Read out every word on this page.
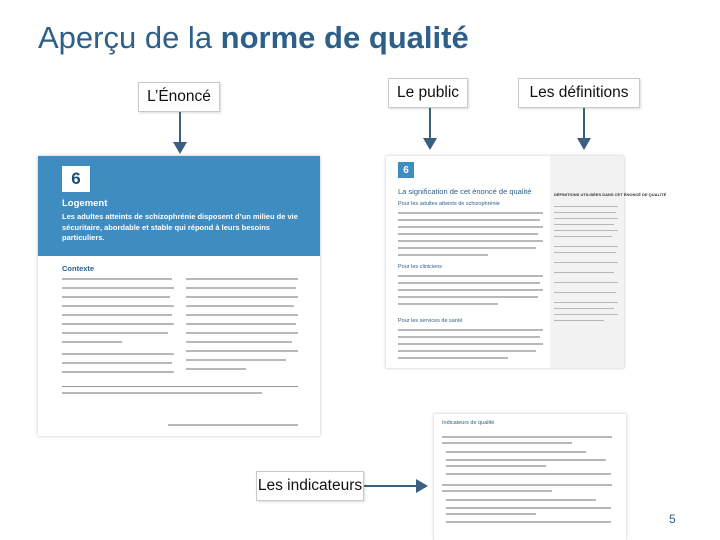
Aperçu de la norme de qualité
L’Énoncé	Le public	Les définitions
6
Logement
Les adultes atteints de schizophrénie disposent d’un milieu de vie sécuritaire, abordable et stable qui répond à leurs besoins particuliers.
Contexte
6
La signification de cet énoncé de qualité
Pour les adultes atteints de schizophrénie
Pour les cliniciens
Pour les services de santé
DÉFINITIONS UTILISÉES DANS CET ÉNONCÉ DE QUALITÉ
Indicateurs de qualité
Les indicateurs
5
